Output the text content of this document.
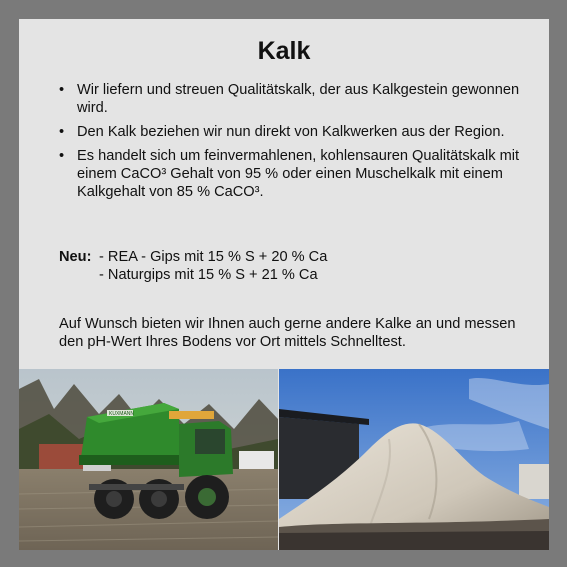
Kalk
• Wir liefern und streuen Qualitätskalk, der aus Kalkgestein gewonnen wird.
• Den Kalk beziehen wir nun direkt von Kalkwerken aus der Region.
• Es handelt sich um feinvermahlenen, kohlensauren Qualitätskalk mit einem CaCO³ Gehalt von 95 % oder einen Muschelkalk mit einem Kalkgehalt von 85 % CaCO³.
Neu: - REA - Gips mit 15 % S + 20 % Ca
- Naturgips mit 15 % S + 21 % Ca
Auf Wunsch bieten wir Ihnen auch gerne andere Kalke an und messen den pH-Wert Ihres Bodens vor Ort mittels Schnelltest.
KUXMANN
